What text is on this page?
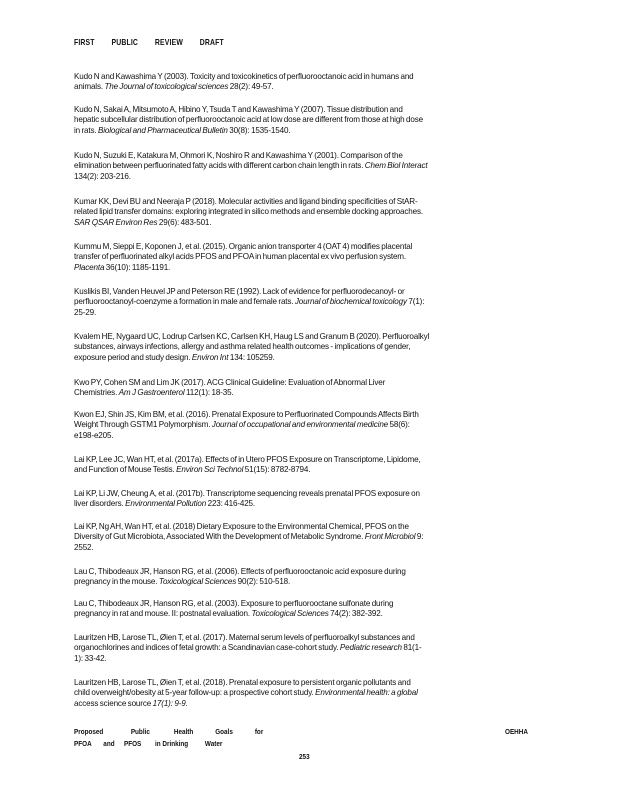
FIRST PUBLIC REVIEW DRAFT
Kudo N and Kawashima Y (2003). Toxicity and toxicokinetics of perfluorooctanoic acid in humans and
animals. The Journal of toxicological sciences 28(2): 49-57.
Kudo N, Sakai A, Mitsumoto A, Hibino Y, Tsuda T and Kawashima Y (2007). Tissue distribution and
hepatic subcellular distribution of perfluorooctanoic acid at low dose are different from those at high dose
in rats. Biological and Pharmaceutical Bulletin 30(8): 1535-1540.
Kudo N, Suzuki E, Katakura M, Ohmori K, Noshiro R and Kawashima Y (2001). Comparison of the
elimination between perfluorinated fatty acids with different carbon chain length in rats. Chem Biol Interact
134(2): 203-216.
Kumar KK, Devi BU and Neeraja P (2018). Molecular activities and ligand binding specificities of StAR-
related lipid transfer domains: exploring integrated in silico methods and ensemble docking approaches.
SAR QSAR Environ Res 29(6): 483-501.
Kummu M, Sieppi E, Koponen J, et al. (2015). Organic anion transporter 4 (OAT 4) modifies placental
transfer of perfluorinated alkyl acids PFOS and PFOA in human placental ex vivo perfusion system.
Placenta 36(10): 1185-1191.
Kuslikis BI, Vanden Heuvel JP and Peterson RE (1992). Lack of evidence for perfluorodecanoyl- or
perfluorooctanoyl-coenzyme a formation in male and female rats. Journal of biochemical toxicology 7(1):
25-29.
Kvalem HE, Nygaard UC, Lodrup Carlsen KC, Carlsen KH, Haug LS and Granum B (2020). Perfluoroalkyl
substances, airways infections, allergy and asthma related health outcomes - implications of gender,
exposure period and study design. Environ Int 134: 105259.
Kwo PY, Cohen SM and Lim JK (2017). ACG Clinical Guideline: Evaluation of Abnormal Liver
Chemistries. Am J Gastroenterol 112(1): 18-35.
Kwon EJ, Shin JS, Kim BM, et al. (2016). Prenatal Exposure to Perfluorinated Compounds Affects Birth
Weight Through GSTM1 Polymorphism. Journal of occupational and environmental medicine 58(6):
e198-e205.
Lai KP, Lee JC, Wan HT, et al. (2017a). Effects of in Utero PFOS Exposure on Transcriptome, Lipidome,
and Function of Mouse Testis. Environ Sci Technol 51(15): 8782-8794.
Lai KP, Li JW, Cheung A, et al. (2017b). Transcriptome sequencing reveals prenatal PFOS exposure on
liver disorders. Environmental Pollution 223: 416-425.
Lai KP, Ng AH, Wan HT, et al. (2018) Dietary Exposure to the Environmental Chemical, PFOS on the
Diversity of Gut Microbiota, Associated With the Development of Metabolic Syndrome. Front Microbiol 9:
2552.
Lau C, Thibodeaux JR, Hanson RG, et al. (2006). Effects of perfluorooctanoic acid exposure during
pregnancy in the mouse. Toxicological Sciences 90(2): 510-518.
Lau C, Thibodeaux JR, Hanson RG, et al. (2003). Exposure to perfluorooctane sulfonate during
pregnancy in rat and mouse. II: postnatal evaluation. Toxicological Sciences 74(2): 382-392.
Lauritzen HB, Larose TL, Øien T, et al. (2017). Maternal serum levels of perfluoroalkyl substances and
organochlorines and indices of fetal growth: a Scandinavian case-cohort study. Pediatric research 81(1-
1): 33-42.
Lauritzen HB, Larose TL, Øien T, et al. (2018). Prenatal exposure to persistent organic pollutants and
child overweight/obesity at 5-year follow-up: a prospective cohort study. Environmental health: a global
access science source 17(1): 9-9.
Proposed	Public	Health	Goals	for
PFOA and PFOS in Drinking Water
OEHHA
253
